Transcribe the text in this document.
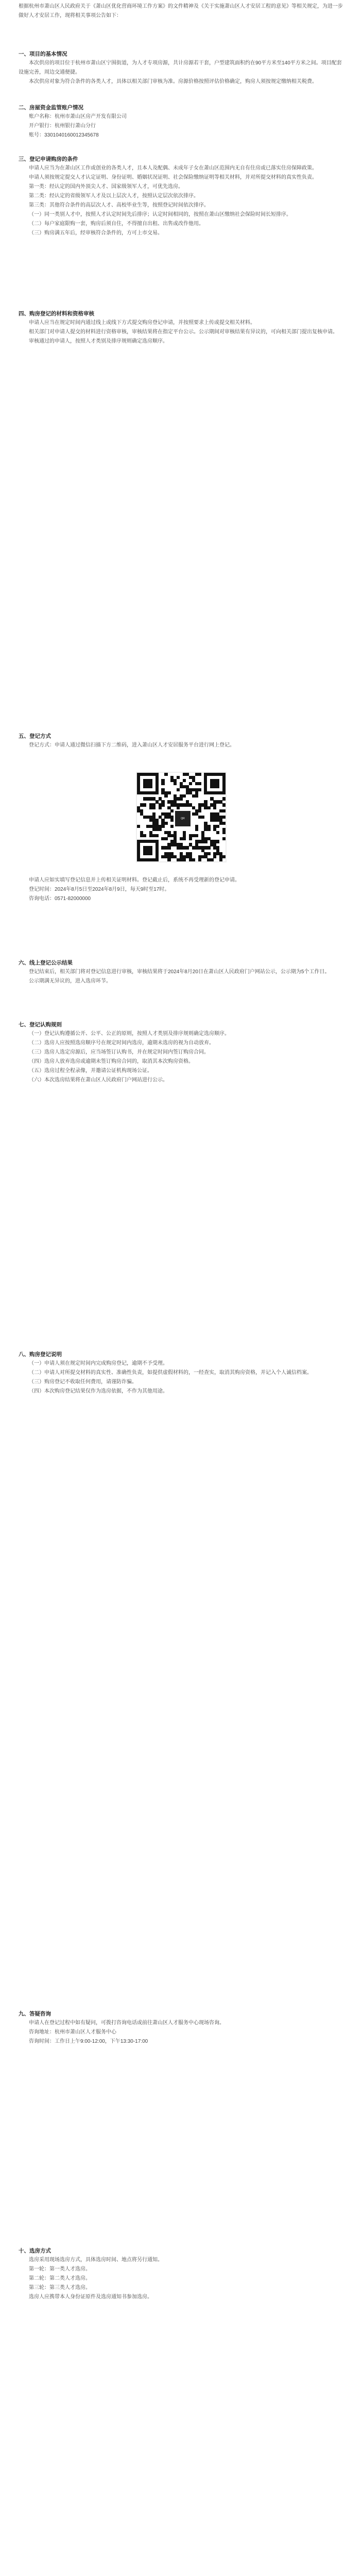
根据杭州市萧山区人民政府关于《萧山区优化营商环境工作方案》的文件精神及《关于实施萧山区人才安居工程的意见》等相关规定，为进一步做好人才安居工作，现将相关事项公告如下：

一、项目的基本情况

本次供房的项目位于杭州市萧山区宁围街道，为人才专项房源，共计房源若干套，户型建筑面积约在90平方米至140平方米之间。项目配套设施完善，周边交通便捷。

本次供房对象为符合条件的各类人才，具体以相关部门审核为准。房源价格按照评估价格确定，购房人须按规定缴纳相关税费。

二、房屋资金监管账户情况

账户名称：杭州市萧山区房产开发有限公司

开户银行：杭州银行萧山分行

账号：3301040160012345678

三、登记申请购房的条件

申请人应当为在萧山区工作或创业的各类人才，且本人及配偶、未成年子女在萧山区范围内无自有住房或已落实住房保障政策。

申请人须按规定提交人才认定证明、身份证明、婚姻状况证明、社会保险缴纳证明等相关材料，并对所提交材料的真实性负责。

第一类：经认定的国内外顶尖人才、国家级领军人才，可优先选房。

第二类：经认定的省级领军人才及以上层次人才，按照认定层次依次排序。

第三类：其他符合条件的高层次人才、高校毕业生等，按照登记时间依次排序。

（一）同一类别人才中，按照人才认定时间先后排序；认定时间相同的，按照在萧山区缴纳社会保险时间长短排序。

（二）每户家庭限购一套，购房后须自住，不得擅自出租、出售或改作他用。

（三）购房满五年后，经审核符合条件的，方可上市交易。

四、购房登记的材料和资格审核

申请人应当在规定时间内通过线上或线下方式提交购房登记申请，并按照要求上传或提交相关材料。

相关部门对申请人提交的材料进行资格审核，审核结果将在指定平台公示。公示期间对审核结果有异议的，可向相关部门提出复核申请。

审核通过的申请人，按照人才类别及排序规则确定选房顺序。

五、登记方式

登记方式：申请人通过微信扫描下方二维码，进入萧山区人才安居服务平台进行网上登记。

QR

申请人应如实填写登记信息并上传相关证明材料。登记截止后，系统不再受理新的登记申请。

登记时间：2024年8月5日至2024年8月9日，每天9时至17时。

咨询电话：0571-82000000

六、线上登记公示结果

登记结束后，相关部门将对登记信息进行审核，审核结果将于2024年8月20日在萧山区人民政府门户网站公示，公示期为5个工作日。

公示期满无异议的，进入选房环节。

七、登记认购规则

（一）登记认购遵循公开、公平、公正的原则，按照人才类别及排序规则确定选房顺序。

（二）选房人应按照选房顺序号在规定时间内选房，逾期未选房的视为自动放弃。

（三）选房人选定房源后，应当场签订认购书，并在规定时间内签订购房合同。

（四）选房人放弃选房或逾期未签订购房合同的，取消其本次购房资格。

（五）选房过程全程录像，并邀请公证机构现场公证。

（六）本次选房结果将在萧山区人民政府门户网站进行公示。

八、购房登记说明

（一）申请人须在规定时间内完成购房登记，逾期不予受理。

（二）申请人对所提交材料的真实性、准确性负责，如提供虚假材料的，一经查实，取消其购房资格，并记入个人诚信档案。

（三）购房登记不收取任何费用，请谨防诈骗。

（四）本次购房登记结果仅作为选房依据，不作为其他用途。

九、答疑咨询

申请人在登记过程中如有疑问，可拨打咨询电话或前往萧山区人才服务中心现场咨询。

咨询地址：杭州市萧山区人才服务中心

咨询时间：工作日上午9:00-12:00，下午13:30-17:00

十、选房方式

选房采用现场选房方式，具体选房时间、地点将另行通知。

第一轮：第一类人才选房。

第二轮：第二类人才选房。

第三轮：第三类人才选房。

选房人应携带本人身份证原件及选房通知书参加选房。
